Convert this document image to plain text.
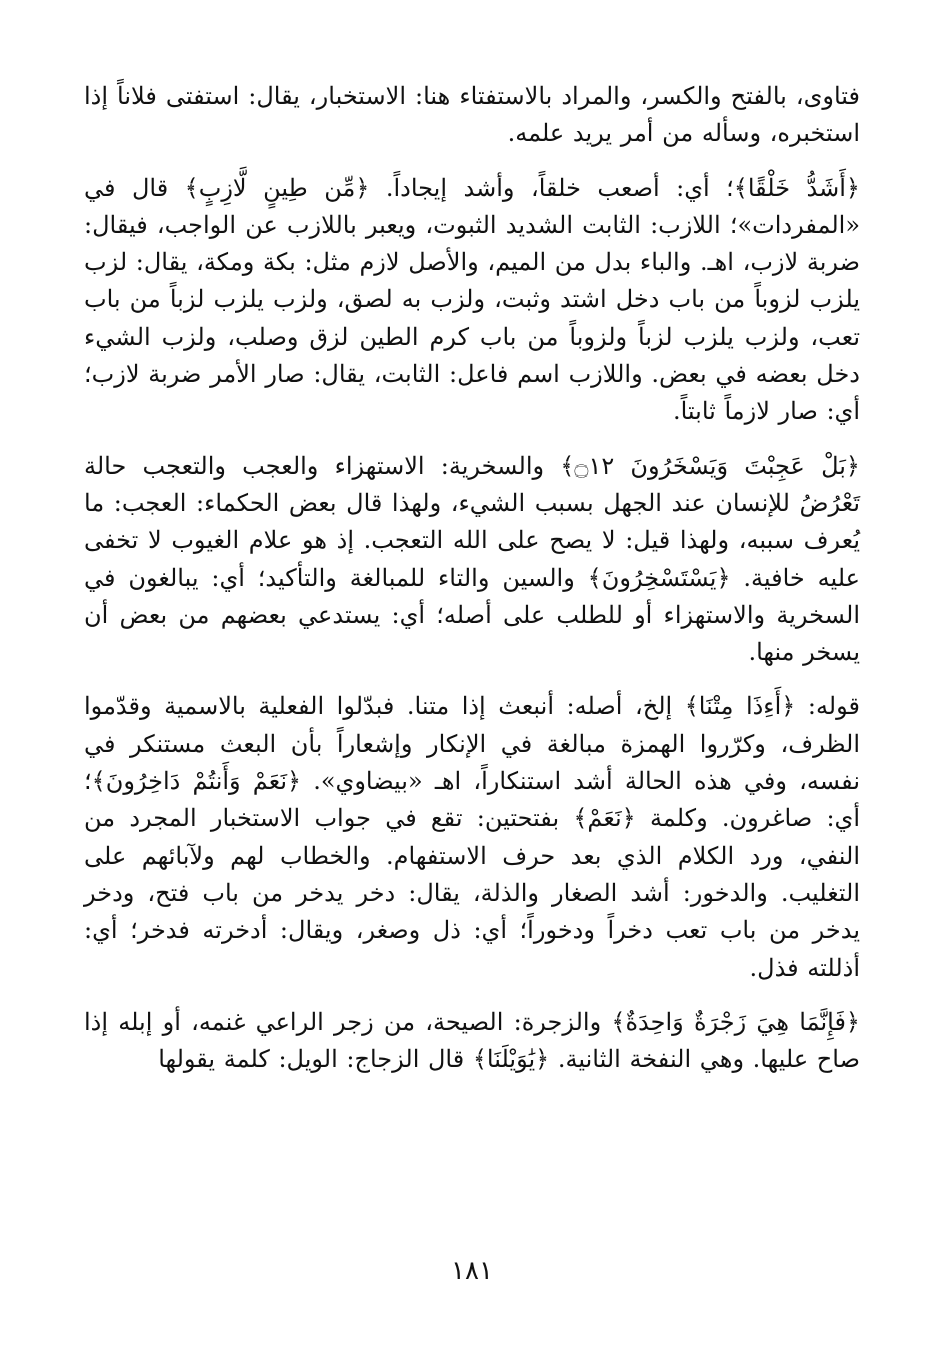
فتاوى، بالفتح والكسر، والمراد بالاستفتاء هنا: الاستخبار، يقال: استفتى فلاناً إذا استخبره، وسأله من أمر يريد علمه.

﴿أَشَدُّ خَلْقًا﴾؛ أي: أصعب خلقاً، وأشد إيجاداً. ﴿مِّن طِينٍ لَّازِبٍ﴾ قال في «المفردات»؛ اللازب: الثابت الشديد الثبوت، ويعبر باللازب عن الواجب، فيقال: ضربة لازب، اهـ. والباء بدل من الميم، والأصل لازم مثل: بكة ومكة، يقال: لزب يلزب لزوباً من باب دخل اشتد وثبت، ولزب به لصق، ولزب يلزب لزباً من باب تعب، ولزب يلزب لزباً ولزوباً من باب كرم الطين لزق وصلب، ولزب الشيء دخل بعضه في بعض. واللازب اسم فاعل: الثابت، يقال: صار الأمر ضربة لازب؛ أي: صار لازماً ثابتاً.

﴿بَلْ عَجِبْتَ وَيَسْخَرُونَ ۝١٢﴾ والسخرية: الاستهزاء والعجب والتعجب حالة تَعْرُضُ للإنسان عند الجهل بسبب الشيء، ولهذا قال بعض الحكماء: العجب: ما يُعرف سببه، ولهذا قيل: لا يصح على الله التعجب. إذ هو علام الغيوب لا تخفى عليه خافية. ﴿يَسْتَسْخِرُونَ﴾ والسين والتاء للمبالغة والتأكيد؛ أي: يبالغون في السخرية والاستهزاء أو للطلب على أصله؛ أي: يستدعي بعضهم من بعض أن يسخر منها.

قوله: ﴿أَءِذَا مِتْنَا﴾ إلخ، أصله: أنبعث إذا متنا. فبدّلوا الفعلية بالاسمية وقدّموا الظرف، وكرّروا الهمزة مبالغة في الإنكار وإشعاراً بأن البعث مستنكر في نفسه، وفي هذه الحالة أشد استنكاراً، اهـ «بيضاوي». ﴿نَعَمْ وَأَنتُمْ دَاخِرُونَ﴾؛ أي: صاغرون. وكلمة ﴿نَعَمْ﴾ بفتحتين: تقع في جواب الاستخبار المجرد من النفي، ورد الكلام الذي بعد حرف الاستفهام. والخطاب لهم ولآبائهم على التغليب. والدخور: أشد الصغار والذلة، يقال: دخر يدخر من باب فتح، ودخر يدخر من باب تعب دخراً ودخوراً؛ أي: ذل وصغر، ويقال: أدخرته فدخر؛ أي: أذللته فذل.

﴿فَإِنَّمَا هِيَ زَجْرَةٌ وَاحِدَةٌ﴾ والزجرة: الصيحة، من زجر الراعي غنمه، أو إبله إذا صاح عليها. وهي النفخة الثانية. ﴿يَٰوَيْلَنَا﴾ قال الزجاج: الويل: كلمة يقولها

١٨١
